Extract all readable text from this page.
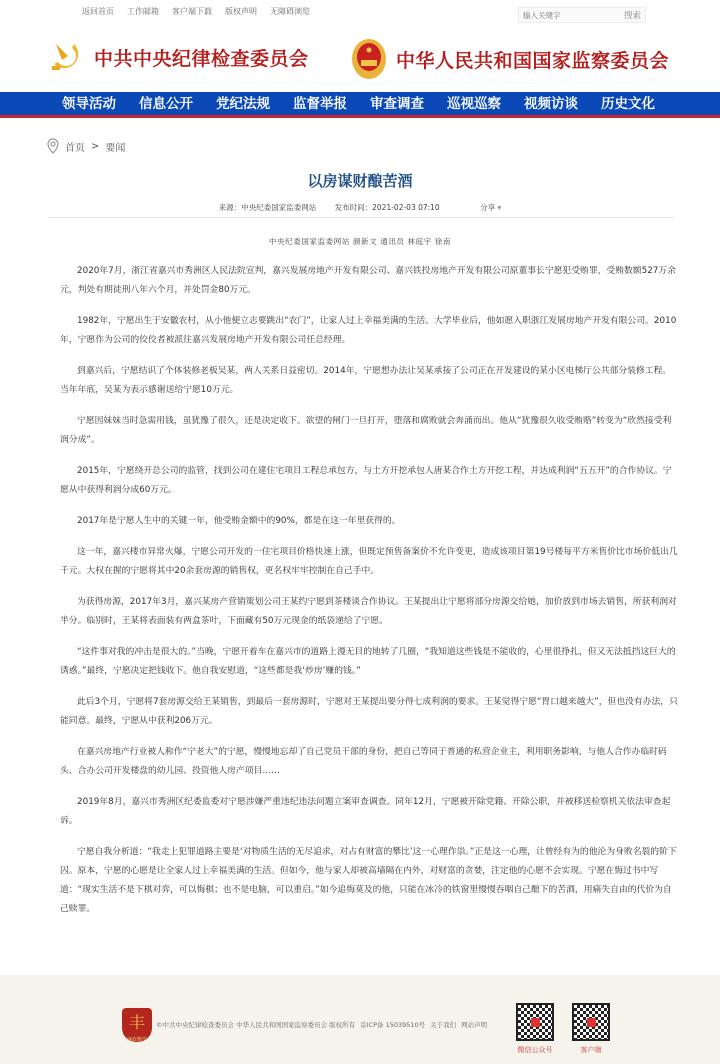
返回首页 工作邮箱 客户端下载 版权声明 无障碍浏览
输入关键字	搜索
中共中央纪律检查委员会	中华人民共和国国家监察委员会
领导活动	信息公开	党纪法规	监督举报	审查调查	巡视巡察	视频访谈	历史文化
首页 > 要闻
以房谋财酿苦酒
来源：中央纪委国家监委网站 发布时间：2021-02-03 07:10	分享 ▾
中央纪委国家监委网站 颜新文 通讯员 林庭宇 徐南

2020年7月，浙江省嘉兴市秀洲区人民法院宣判，嘉兴发展房地产开发有限公司、嘉兴铁投房地产开发有限公司原董事长宁愿犯受贿罪，受贿数额527万余元，判处有期徒刑八年六个月，并处罚金80万元。

1982年，宁愿出生于安徽农村，从小他便立志要跳出“农门”，让家人过上幸福美满的生活。大学毕业后，他如愿入职浙江发展房地产开发有限公司。2010年，宁愿作为公司的佼佼者被派往嘉兴发展房地产开发有限公司任总经理。

到嘉兴后，宁愿结识了个体装修老板吴某，两人关系日益密切。2014年，宁愿想办法让吴某承接了公司正在开发建设的某小区电梯厅公共部分装修工程。当年年底，吴某为表示感谢送给宁愿10万元。

宁愿因妹妹当时急需用钱，虽犹豫了很久，还是决定收下。欲望的闸门一旦打开，堕落和腐败就会奔涌而出。他从“犹豫很久收受贿赂”转变为“欣然接受利润分成”。

2015年，宁愿绕开总公司的监管，找到公司在建住宅项目工程总承包方，与土方开挖承包人唐某合作土方开挖工程，并达成利润“五五开”的合作协议。宁愿从中获得利润分成60万元。

2017年是宁愿人生中的关键一年，他受贿金额中的90%，都是在这一年里获得的。

这一年，嘉兴楼市异常火爆，宁愿公司开发的一住宅项目价格快速上涨，但既定预售备案价不允许变更，造成该项目第19号楼每平方米售价比市场价低出几千元。大权在握的宁愿将其中20余套房源的销售权，更名权牢牢控制在自己手中。

为获得房源，2017年3月，嘉兴某房产营销策划公司王某约宁愿到茶楼谈合作协议。王某提出让宁愿将部分房源交给她，加价放到市场去销售，所获利润对半分。临别时，王某将表面装有两盒茶叶，下面藏有50万元现金的纸袋递给了宁愿。

“这件事对我的冲击是很大的。”当晚，宁愿开着车在嘉兴市的道路上漫无目的地转了几圈，“我知道这些钱是不能收的，心里很挣扎，但又无法抵挡这巨大的诱惑。”最终，宁愿决定把钱收下。他自我安慰道，“这些都是我‘炒房’赚的钱。”

此后3个月，宁愿将7套房源交给王某销售，到最后一套房源时，宁愿对王某提出要分得七成利润的要求。王某觉得宁愿“胃口越来越大”，但也没有办法，只能同意。最终，宁愿从中获利206万元。

在嘉兴房地产行业被人称作“宁老大”的宁愿，慢慢地忘却了自己党员干部的身份，把自己等同于普通的私营企业主，利用职务影响，与他人合作办临时码头、合办公司开发楼盘的幼儿园、投资他人房产项目……

2019年8月，嘉兴市秀洲区纪委监委对宁愿涉嫌严重违纪违法问题立案审查调查。同年12月，宁愿被开除党籍、开除公职，并被移送检察机关依法审查起诉。

宁愿自我分析道：“我走上犯罪道路主要是‘对物质生活的无尽追求，对占有财富的攀比’这一心理作祟。”正是这一心理，让曾经有为的他沦为身败名裂的阶下囚。原本，宁愿的心愿是让全家人过上幸福美满的生活。但如今，他与家人却被高墙隔在内外，对财富的贪婪，注定他的心愿不会实现。宁愿在悔过书中写道：“现实生活不是下棋对弈，可以悔棋；也不是电脑，可以重启。”如今追悔莫及的他，只能在冰冷的铁窗里慢慢吞咽自己酿下的苦酒，用痛失自由的代价为自己赎罪。

丰
廉政瞭望
©中共中央纪律检查委员会 中华人民共和国国家监察委员会 版权所有 京ICP备 15039510号 关于我们 网站声明
微信公众号	客户端
